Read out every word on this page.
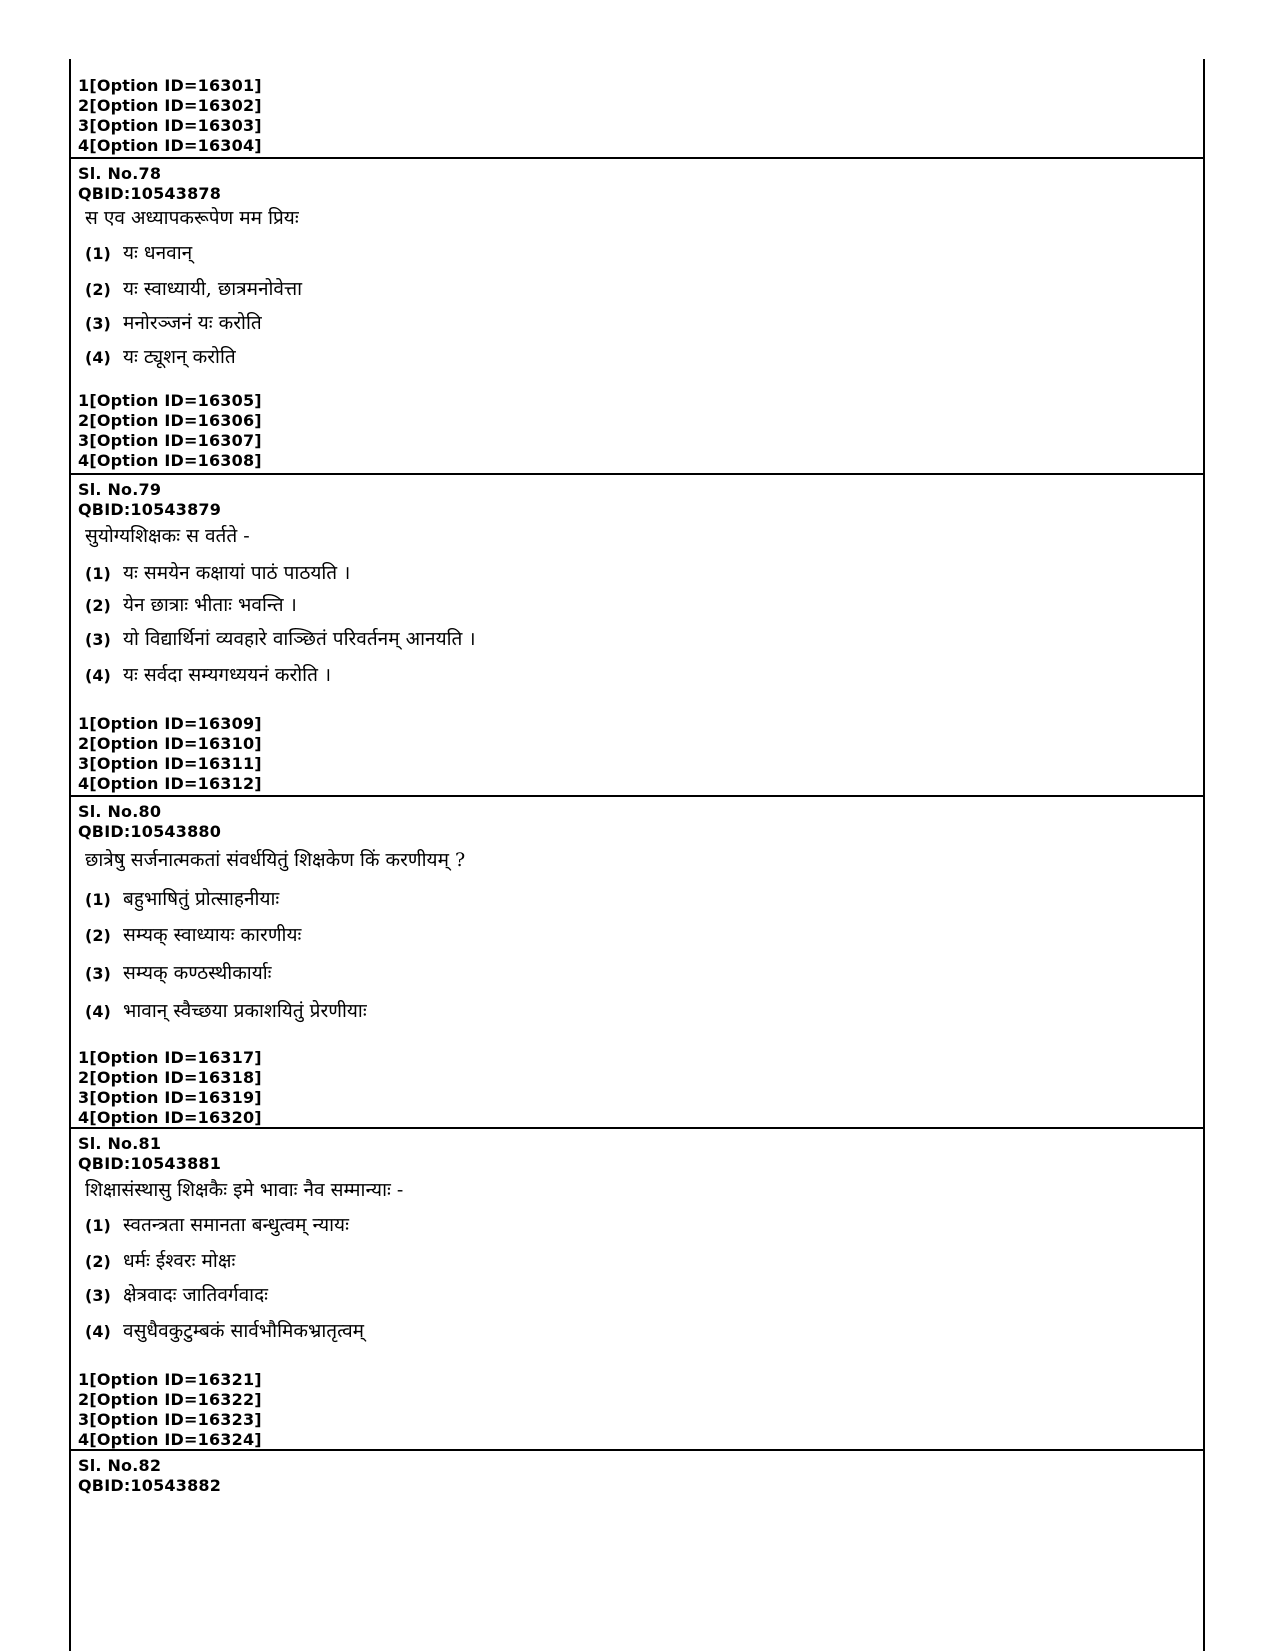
1[Option ID=16301]
2[Option ID=16302]
3[Option ID=16303]
4[Option ID=16304]
Sl. No.78
QBID:10543878
स एव अध्यापकरूपेण मम प्रियः
(1) यः धनवान्
(2) यः स्वाध्यायी, छात्रमनोवेत्ता
(3) मनोरञ्जनं यः करोति
(4) यः ट्यूशन् करोति
1[Option ID=16305]
2[Option ID=16306]
3[Option ID=16307]
4[Option ID=16308]
Sl. No.79
QBID:10543879
सुयोग्यशिक्षकः स वर्तते -
(1) यः समयेन कक्षायां पाठं पाठयति ।
(2) येन छात्राः भीताः भवन्ति ।
(3) यो विद्यार्थिनां व्यवहारे वाञ्छितं परिवर्तनम् आनयति ।
(4) यः सर्वदा सम्यगध्ययनं करोति ।
1[Option ID=16309]
2[Option ID=16310]
3[Option ID=16311]
4[Option ID=16312]
Sl. No.80
QBID:10543880
छात्रेषु सर्जनात्मकतां संवर्धयितुं शिक्षकेण किं करणीयम् ?
(1) बहुभाषितुं प्रोत्साहनीयाः
(2) सम्यक् स्वाध्यायः कारणीयः
(3) सम्यक् कण्ठस्थीकार्याः
(4) भावान् स्वैच्छया प्रकाशयितुं प्रेरणीयाः
1[Option ID=16317]
2[Option ID=16318]
3[Option ID=16319]
4[Option ID=16320]
Sl. No.81
QBID:10543881
शिक्षासंस्थासु शिक्षकैः इमे भावाः नैव सम्मान्याः -
(1) स्वतन्त्रता समानता बन्धुत्वम् न्यायः
(2) धर्मः ईश्वरः मोक्षः
(3) क्षेत्रवादः जातिवर्गवादः
(4) वसुधैवकुटुम्बकं सार्वभौमिकभ्रातृत्वम्
1[Option ID=16321]
2[Option ID=16322]
3[Option ID=16323]
4[Option ID=16324]
Sl. No.82
QBID:10543882
